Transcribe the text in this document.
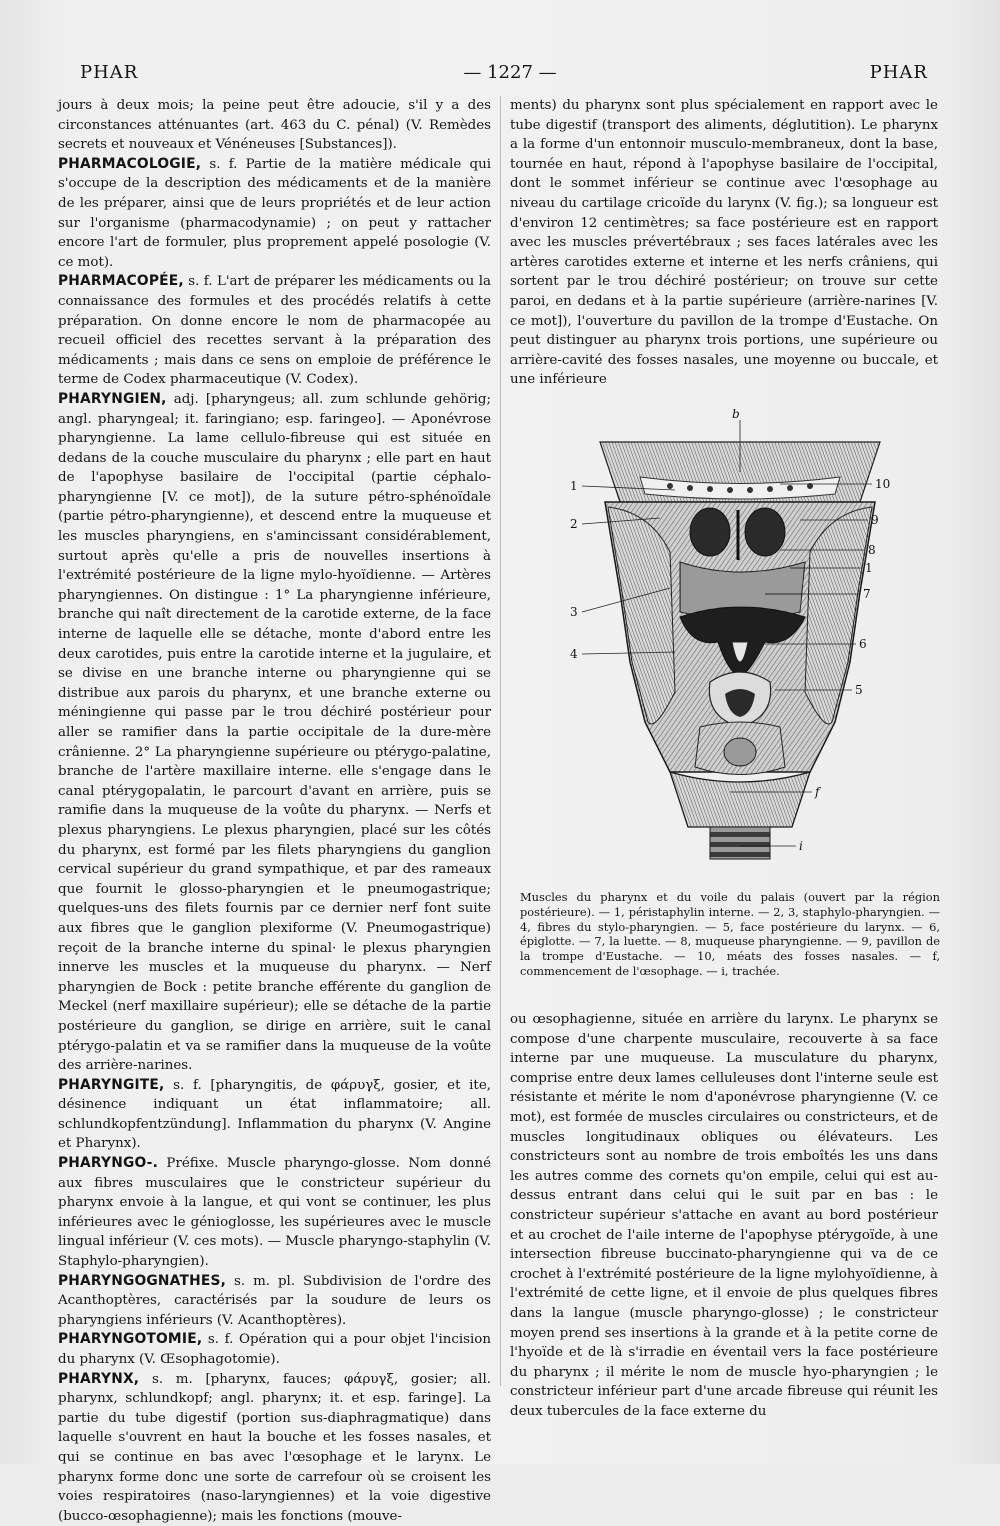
PHAR	— 1227 —	PHAR

jours à deux mois; la peine peut être adoucie, s'il y a des circonstances atténuantes (art. 463 du C. pénal) (V. Remèdes secrets et nouveaux et Vénéneuses [Substances]).

PHARMACOLOGIE, s. f. Partie de la matière médicale qui s'occupe de la description des médicaments et de la manière de les préparer, ainsi que de leurs propriétés et de leur action sur l'organisme (pharmacodynamie) ; on peut y rattacher encore l'art de formuler, plus proprement appelé posologie (V. ce mot).

PHARMACOPÉE, s. f. L'art de préparer les médicaments ou la connaissance des formules et des procédés relatifs à cette préparation. On donne encore le nom de pharmacopée au recueil officiel des recettes servant à la préparation des médicaments ; mais dans ce sens on emploie de préférence le terme de Codex pharmaceutique (V. Codex).

PHARYNGIEN, adj. [pharyngeus; all. zum schlunde gehörig; angl. pharyngeal; it. faringiano; esp. faringeo]. — Aponévrose pharyngienne. La lame cellulo-fibreuse qui est située en dedans de la couche musculaire du pharynx ; elle part en haut de l'apophyse basilaire de l'occipital (partie céphalo-pharyngienne [V. ce mot]), de la suture pétro-sphénoïdale (partie pétro-pharyngienne), et descend entre la muqueuse et les muscles pharyngiens, en s'amincissant considérablement, surtout après qu'elle a pris de nouvelles insertions à l'extrémité postérieure de la ligne mylo-hyoïdienne. — Artères pharyngiennes. On distingue : 1° La pharyngienne inférieure, branche qui naît directement de la carotide externe, de la face interne de laquelle elle se détache, monte d'abord entre les deux carotides, puis entre la carotide interne et la jugulaire, et se divise en une branche interne ou pharyngienne qui se distribue aux parois du pharynx, et une branche externe ou méningienne qui passe par le trou déchiré postérieur pour aller se ramifier dans la partie occipitale de la dure-mère crânienne. 2° La pharyngienne supérieure ou ptérygo-palatine, branche de l'artère maxillaire interne. elle s'engage dans le canal ptérygopalatin, le parcourt d'avant en arrière, puis se ramifie dans la muqueuse de la voûte du pharynx. — Nerfs et plexus pharyngiens. Le plexus pharyngien, placé sur les côtés du pharynx, est formé par les filets pharyngiens du ganglion cervical supérieur du grand sympathique, et par des rameaux que fournit le glosso-pharyngien et le pneumogastrique; quelques-uns des filets fournis par ce dernier nerf font suite aux fibres que le ganglion plexiforme (V. Pneumogastrique) reçoit de la branche interne du spinal· le plexus pharyngien innerve les muscles et la muqueuse du pharynx. — Nerf pharyngien de Bock : petite branche efférente du ganglion de Meckel (nerf maxillaire supérieur); elle se détache de la partie postérieure du ganglion, se dirige en arrière, suit le canal ptérygo-palatin et va se ramifier dans la muqueuse de la voûte des arrière-narines.

PHARYNGITE, s. f. [pharyngitis, de φάρυγξ, gosier, et ite, désinence indiquant un état inflammatoire; all. schlundkopfentzündung]. Inflammation du pharynx (V. Angine et Pharynx).

PHARYNGO-. Préfixe. Muscle pharyngo-glosse. Nom donné aux fibres musculaires que le constricteur supérieur du pharynx envoie à la langue, et qui vont se continuer, les plus inférieures avec le génioglosse, les supérieures avec le muscle lingual inférieur (V. ces mots). — Muscle pharyngo-staphylin (V. Staphylo-pharyngien).

PHARYNGOGNATHES, s. m. pl. Subdivision de l'ordre des Acanthoptères, caractérisés par la soudure de leurs os pharyngiens inférieurs (V. Acanthoptères).

PHARYNGOTOMIE, s. f. Opération qui a pour objet l'incision du pharynx (V. Œsophagotomie).

PHARYNX, s. m. [pharynx, fauces; φάρυγξ, gosier; all. pharynx, schlundkopf; angl. pharynx; it. et esp. faringe]. La partie du tube digestif (portion sus-diaphragmatique) dans laquelle s'ouvrent en haut la bouche et les fosses nasales, et qui se continue en bas avec l'œsophage et le larynx. Le pharynx forme donc une sorte de carrefour où se croisent les voies respiratoires (naso-laryngiennes) et la voie digestive (bucco-œsophagienne); mais les fonctions (mouve-

ments) du pharynx sont plus spécialement en rapport avec le tube digestif (transport des aliments, déglutition). Le pharynx a la forme d'un entonnoir musculo-membraneux, dont la base, tournée en haut, répond à l'apophyse basilaire de l'occipital, dont le sommet inférieur se continue avec l'œsophage au niveau du cartilage cricoïde du larynx (V. fig.); sa longueur est d'environ 12 centimètres; sa face postérieure est en rapport avec les muscles prévertébraux ; ses faces latérales avec les artères carotides externe et interne et les nerfs crâniens, qui sortent par le trou déchiré postérieur; on trouve sur cette paroi, en dedans et à la partie supérieure (arrière-narines [V. ce mot]), l'ouverture du pavillon de la trompe d'Eustache. On peut distinguer au pharynx trois portions, une supérieure ou arrière-cavité des fosses nasales, une moyenne ou buccale, et une inférieure

b
1
2
3
4
10
9
8
1
7
6
5
f
i
Muscles du pharynx et du voile du palais (ouvert par la région postérieure). — 1, péristaphylin interne. — 2, 3, staphylo-pharyngien. — 4, fibres du stylo-pharyngien. — 5, face postérieure du larynx. — 6, épiglotte. — 7, la luette. — 8, muqueuse pharyngienne. — 9, pavillon de la trompe d'Eustache. — 10, méats des fosses nasales. — f, commencement de l'œsophage. — i, trachée.

ou œsophagienne, située en arrière du larynx. Le pharynx se compose d'une charpente musculaire, recouverte à sa face interne par une muqueuse. La musculature du pharynx, comprise entre deux lames celluleuses dont l'interne seule est résistante et mérite le nom d'aponévrose pharyngienne (V. ce mot), est formée de muscles circulaires ou constricteurs, et de muscles longitudinaux obliques ou élévateurs. Les constricteurs sont au nombre de trois emboîtés les uns dans les autres comme des cornets qu'on empile, celui qui est au-dessus entrant dans celui qui le suit par en bas : le constricteur supérieur s'attache en avant au bord postérieur et au crochet de l'aile interne de l'apophyse ptérygoïde, à une intersection fibreuse buccinato-pharyngienne qui va de ce crochet à l'extrémité postérieure de la ligne mylohyoïdienne, à l'extrémité de cette ligne, et il envoie de plus quelques fibres dans la langue (muscle pharyngo-glosse) ; le constricteur moyen prend ses insertions à la grande et à la petite corne de l'hyoïde et de là s'irradie en éventail vers la face postérieure du pharynx ; il mérite le nom de muscle hyo-pharyngien ; le constricteur inférieur part d'une arcade fibreuse qui réunit les deux tubercules de la face externe du
